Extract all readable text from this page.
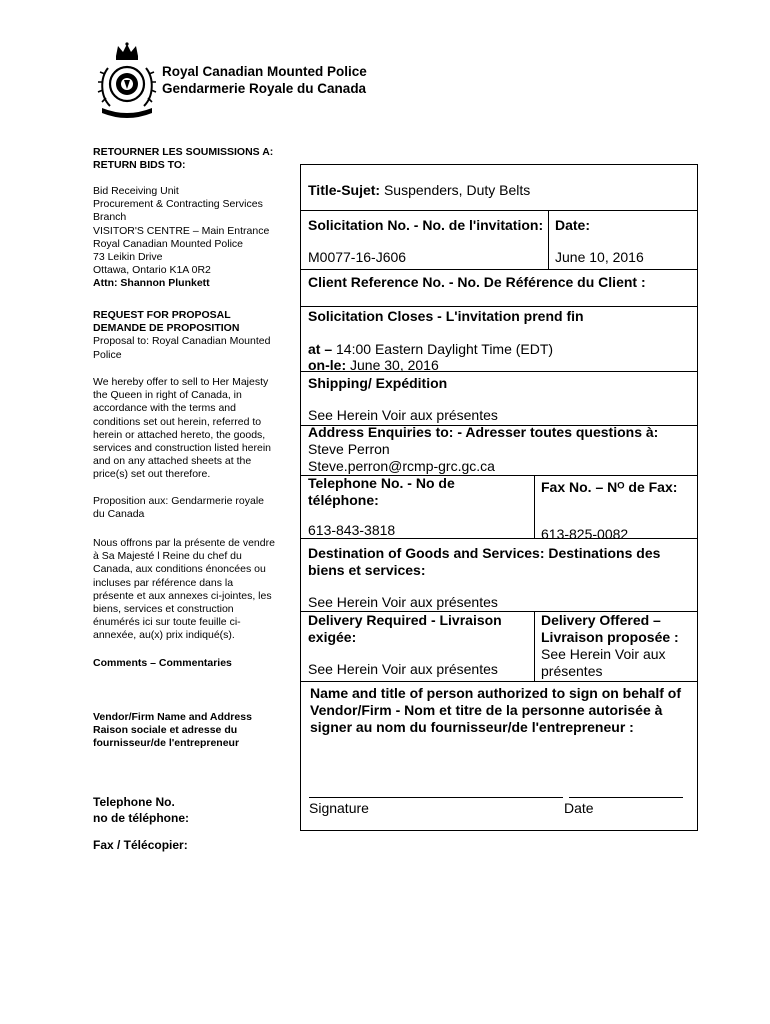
Royal Canadian Mounted Police
Gendarmerie Royale du Canada
RETOURNER LES SOUMISSIONS A:
RETURN BIDS TO:
Bid Receiving Unit
Procurement & Contracting Services
Branch
VISITOR'S CENTRE – Main Entrance
Royal Canadian Mounted Police
73 Leikin Drive
Ottawa, Ontario K1A 0R2
Attn: Shannon Plunkett
REQUEST FOR PROPOSAL
DEMANDE DE PROPOSITION
Proposal to: Royal Canadian Mounted
Police
We hereby offer to sell to Her Majesty
the Queen in right of Canada, in
accordance with the terms and
conditions set out herein, referred to
herein or attached hereto, the goods,
services and construction listed herein
and on any attached sheets at the
price(s) set out therefore.
Proposition aux: Gendarmerie royale
du Canada
Nous offrons par la présente de vendre
à Sa Majesté l Reine du chef du
Canada, aux conditions énoncées ou
incluses par référence dans la
présente et aux annexes ci-jointes, les
biens, services et construction
énumérés ici sur toute feuille ci-
annexée, au(x) prix indiqué(s).
Comments – Commentaries
Vendor/Firm Name and Address
Raison sociale et adresse du
fournisseur/de l'entrepreneur
Telephone No.
no de téléphone:
Fax / Télécopier:
Title-Sujet: Suspenders, Duty Belts
Solicitation No. - No. de l'invitation:
M0077-16-J606
Date:
June 10, 2016
Client Reference No. - No. De Référence du Client :
Solicitation Closes - L'invitation prend fin
at – 14:00 Eastern Daylight Time (EDT)
on-le: June 30, 2016
Shipping/ Expédition
See Herein Voir aux présentes
Address Enquiries to: - Adresser toutes questions à:
Steve Perron
Steve.perron@rcmp-grc.gc.ca
Telephone No. - No de
téléphone:
613-843-3818
Fax No. – Nᴼ de Fax:
613-825-0082
Destination of Goods and Services: Destinations des
biens et services:
See Herein Voir aux présentes
Delivery Required - Livraison
exigée:
See Herein Voir aux présentes
Delivery Offered –
Livraison proposée :
See Herein Voir aux
présentes
Name and title of person authorized to sign on behalf of
Vendor/Firm - Nom et titre de la personne autorisée à
signer au nom du fournisseur/de l'entrepreneur :
Signature	Date
